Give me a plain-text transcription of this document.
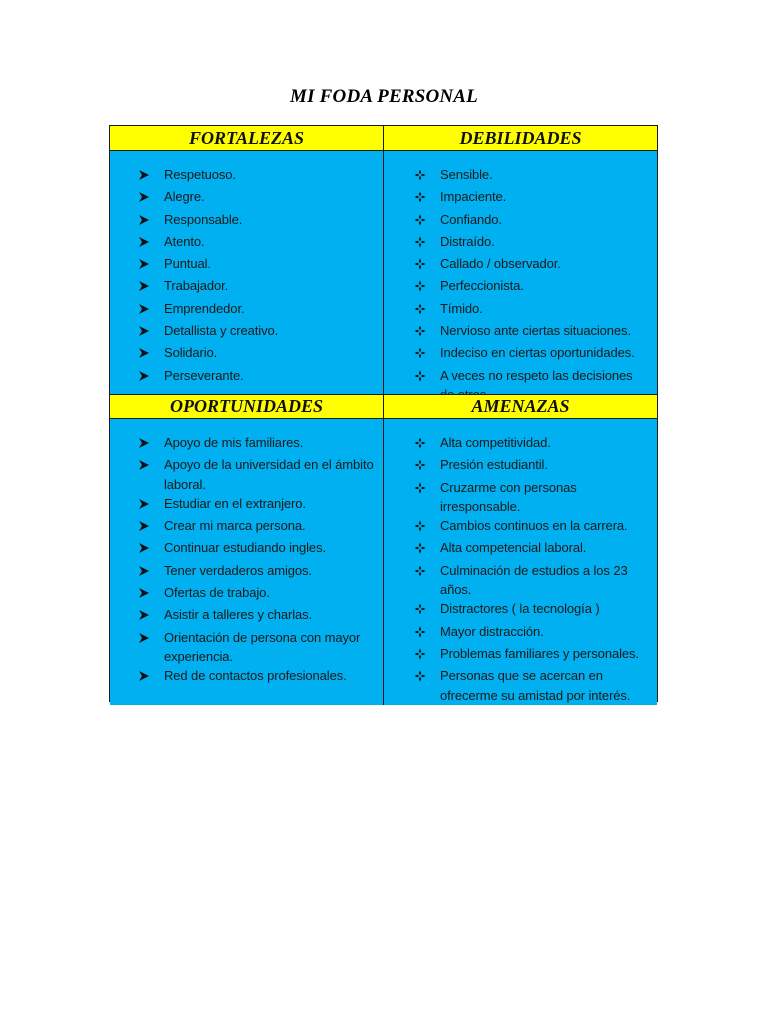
MI FODA PERSONAL
FORTALEZAS	DEBILIDADES
Respetuoso.
Alegre.
Responsable.
Atento.
Puntual.
Trabajador.
Emprendedor.
Detallista y creativo.
Solidario.
Perseverante.
Sensible.
Impaciente.
Confiando.
Distraído.
Callado / observador.
Perfeccionista.
Tímido.
Nervioso ante ciertas situaciones.
Indeciso en ciertas oportunidades.
A veces no respeto las decisiones
OPORTUNIDADES	AMENAZAS
Apoyo de mis familiares.
Apoyo de la universidad en el ámbito laboral.
Estudiar en el extranjero.
Crear mi marca persona.
Continuar estudiando ingles.
Tener verdaderos amigos.
Ofertas de trabajo.
Asistir a talleres y charlas.
Orientación de persona con mayor experiencia.
Red de contactos profesionales.
Alta competitividad.
Presión estudiantil.
Cruzarme con personas irresponsable.
Cambios continuos en la carrera.
Alta competencial laboral.
Culminación de estudios a los 23 años.
Distractores ( la tecnología )
Mayor distracción.
Problemas familiares y personales.
Personas que se acercan en ofrecerme su amistad por interés.
